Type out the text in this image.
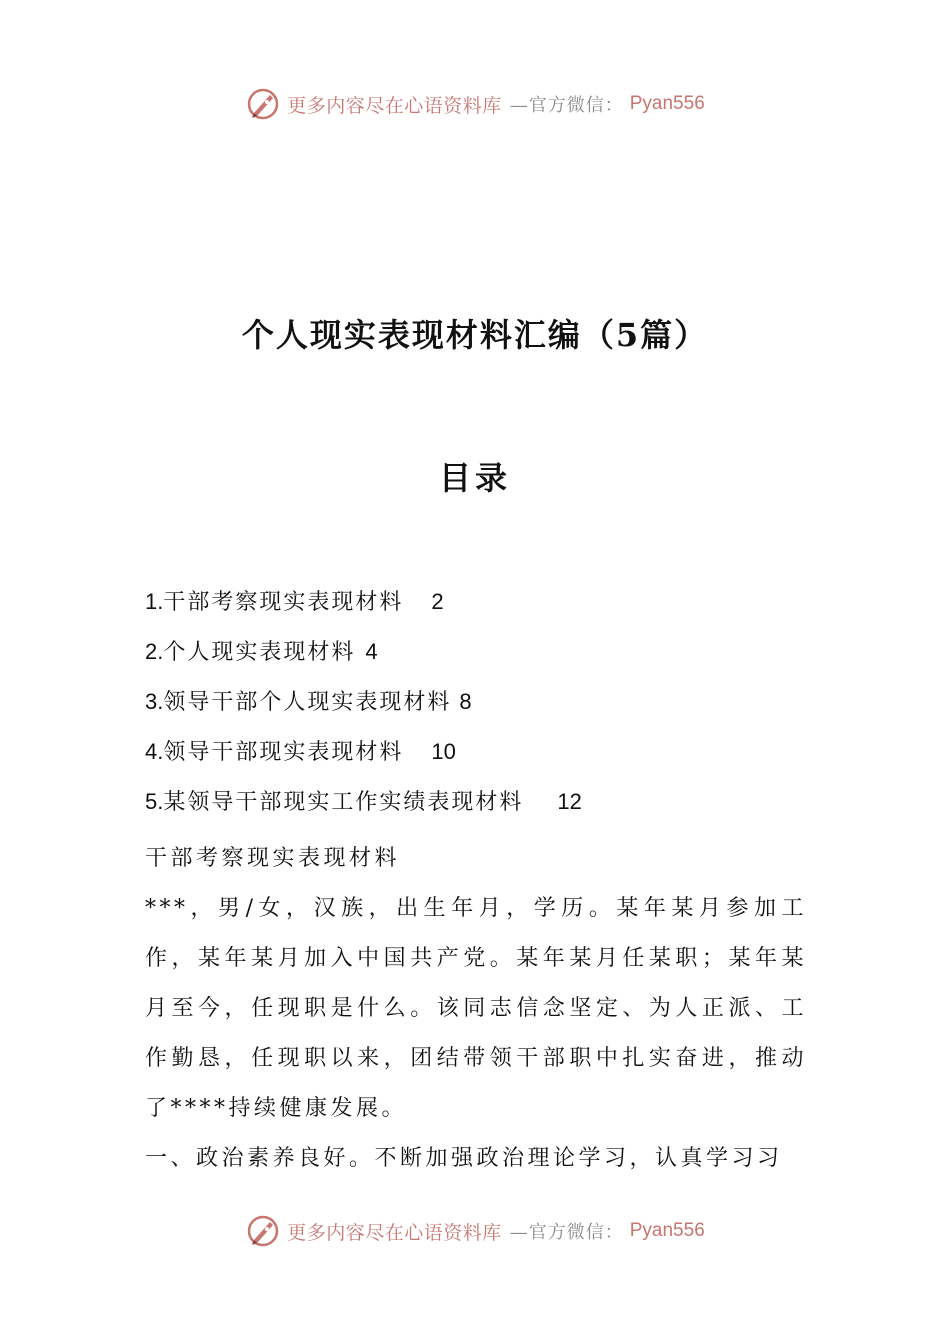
更多内容尽在心语资料库 —官方微信： Pyan556
个人现实表现材料汇编（5篇）
目录
1. 干部考察现实表现材料 2
2. 个人现实表现材料 4
3. 领导干部个人现实表现材料 8
4. 领导干部现实表现材料 10
5. 某领导干部现实工作实绩表现材料 12

干部考察现实表现材料

***，男/女，汉族，出生年月，学历。某年某月参加工作，某年某月加入中国共产党。某年某月任某职；某年某月至今，任现职是什么。该同志信念坚定、为人正派、工作勤恳，任现职以来，团结带领干部职中扎实奋进，推动了****持续健康发展。

一、政治素养良好。不断加强政治理论学习，认真学习习

更多内容尽在心语资料库 —官方微信： Pyan556
